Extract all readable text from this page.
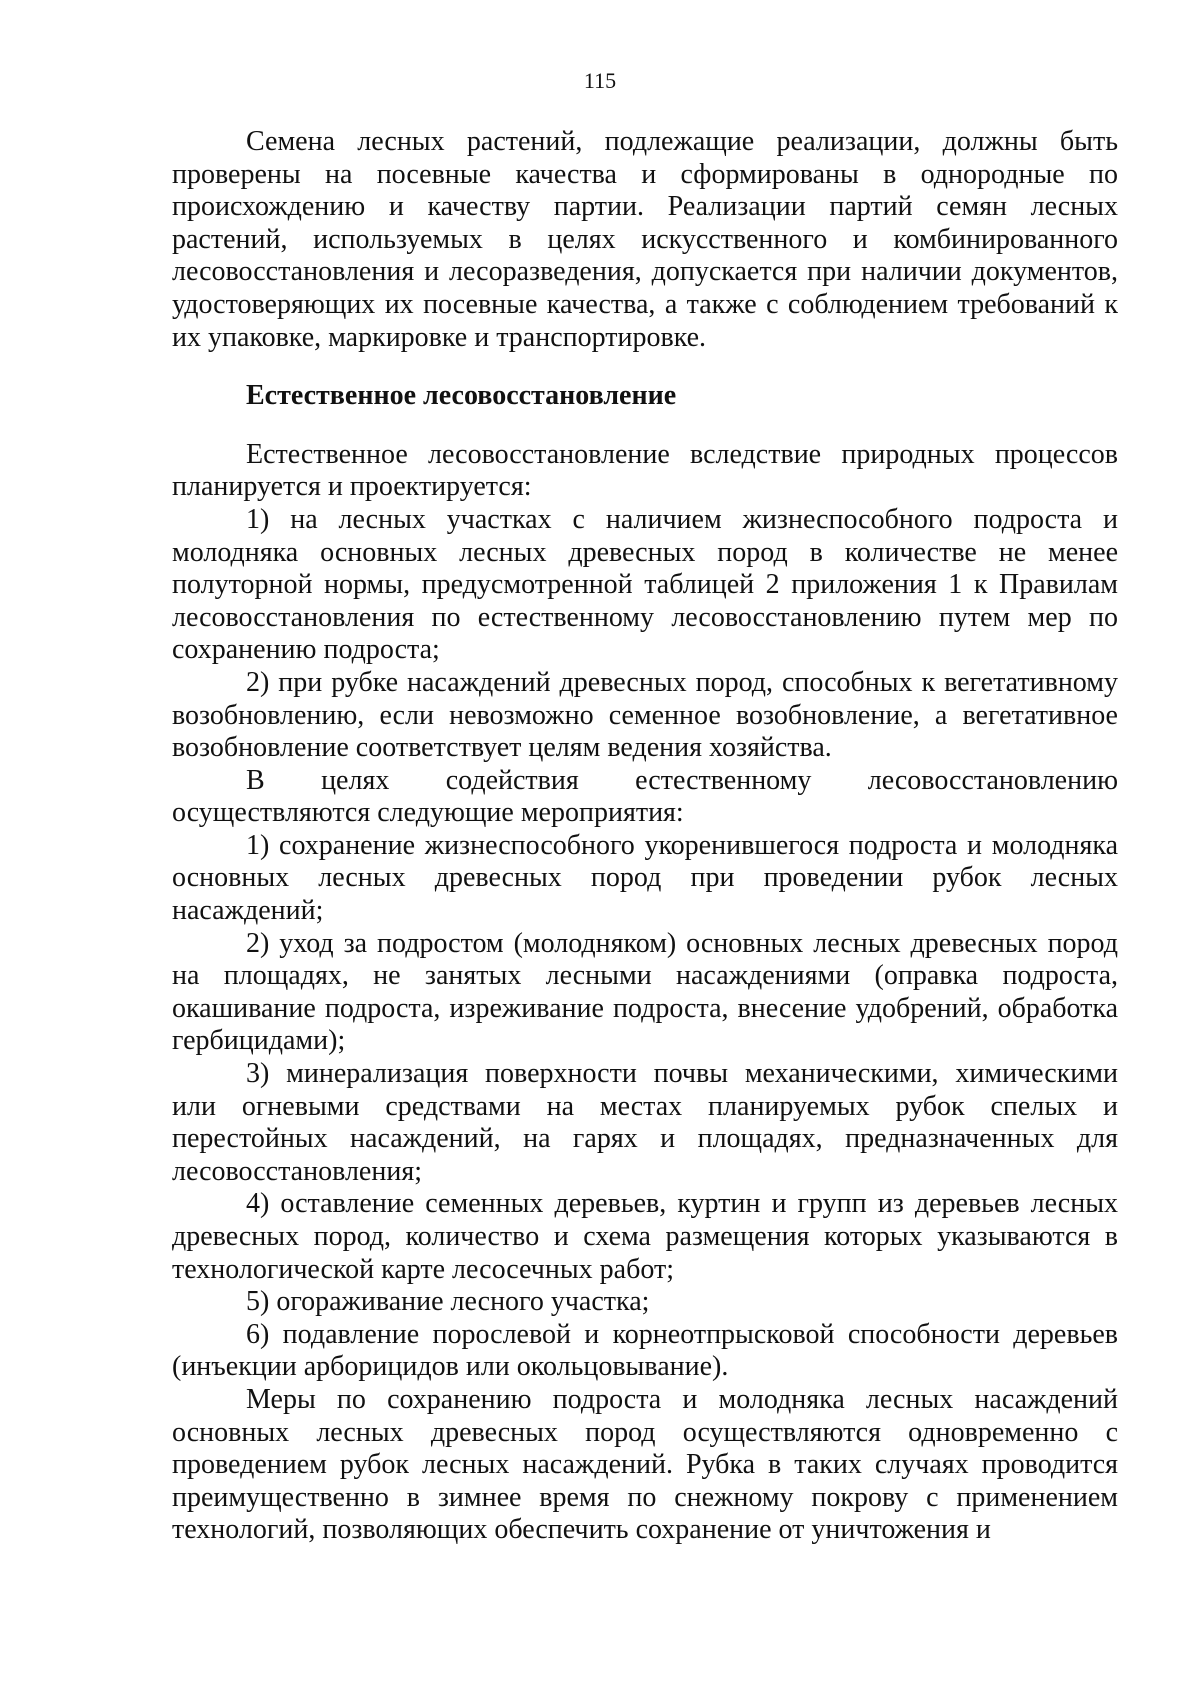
115

Семена лесных растений, подлежащие реализации, должны быть проверены на посевные качества и сформированы в однородные по происхождению и качеству партии. Реализации партий семян лесных растений, используемых в целях искусственного и комбинированного лесовосстановления и лесоразведения, допускается при наличии документов, удостоверяющих их посевные качества, а также с соблюдением требований к их упаковке, маркировке и транспортировке.

Естественное лесовосстановление

Естественное лесовосстановление вследствие природных процессов планируется и проектируется:

1) на лесных участках с наличием жизнеспособного подроста и молодняка основных лесных древесных пород в количестве не менее полуторной нормы, предусмотренной таблицей 2 приложения 1 к Правилам лесовосстановления по естественному лесовосстановлению путем мер по сохранению подроста;

2) при рубке насаждений древесных пород, способных к вегетативному возобновлению, если невозможно семенное возобновление, а вегетативное возобновление соответствует целям ведения хозяйства.

В целях содействия естественному лесовосстановлению осуществляются следующие мероприятия:

1) сохранение жизнеспособного укоренившегося подроста и молодняка основных лесных древесных пород при проведении рубок лесных насаждений;

2) уход за подростом (молодняком) основных лесных древесных пород на площадях, не занятых лесными насаждениями (оправка подроста, окашивание подроста, изреживание подроста, внесение удобрений, обработка гербицидами);

3) минерализация поверхности почвы механическими, химическими или огневыми средствами на местах планируемых рубок спелых и перестойных насаждений, на гарях и площадях, предназначенных для лесовосстановления;

4) оставление семенных деревьев, куртин и групп из деревьев лесных древесных пород, количество и схема размещения которых указываются в технологической карте лесосечных работ;

5) огораживание лесного участка;

6) подавление порослевой и корнеотпрысковой способности деревьев (инъекции арборицидов или окольцовывание).

Меры по сохранению подроста и молодняка лесных насаждений основных лесных древесных пород осуществляются одновременно с проведением рубок лесных насаждений. Рубка в таких случаях проводится преимущественно в зимнее время по снежному покрову с применением технологий, позволяющих обеспечить сохранение от уничтожения и
